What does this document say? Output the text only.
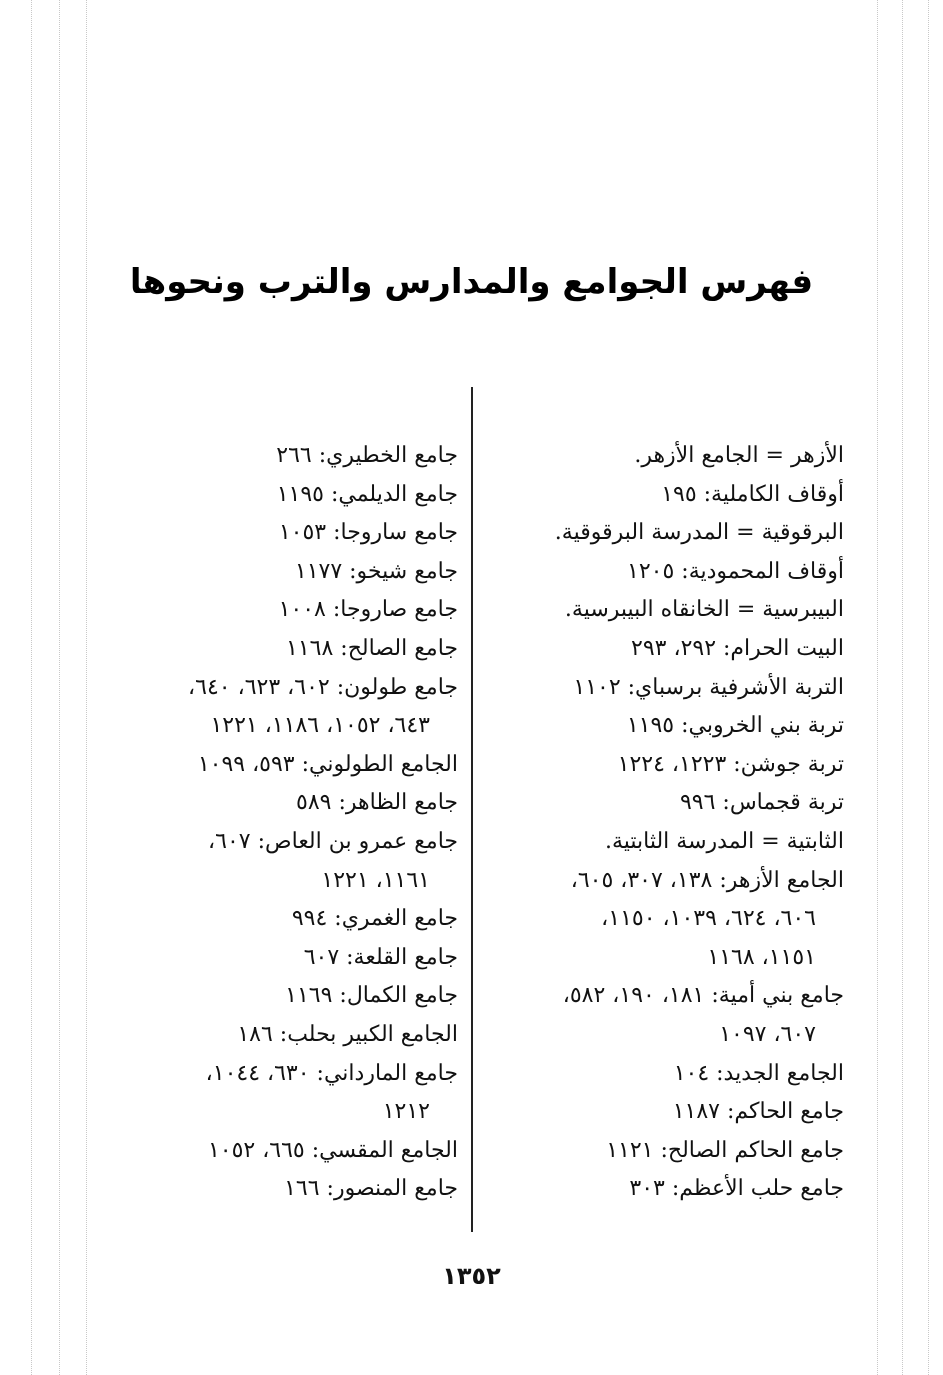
فهرس الجوامع والمدارس والترب ونحوها
الأزهر = الجامع الأزهر.
أوقاف الكاملية: ١٩٥
البرقوقية = المدرسة البرقوقية.
أوقاف المحمودية: ١٢٠٥
البيبرسية = الخانقاه البيبرسية.
البيت الحرام: ٢٩٢، ٢٩٣
التربة الأشرفية برسباي: ١١٠٢
تربة بني الخروبي: ١١٩٥
تربة جوشن: ١٢٢٣، ١٢٢٤
تربة قجماس: ٩٩٦
الثابتية = المدرسة الثابتية.
الجامع الأزهر: ١٣٨، ٣٠٧، ٦٠٥،
٦٠٦، ٦٢٤، ١٠٣٩، ١١٥٠،
١١٥١، ١١٦٨
جامع بني أمية: ١٨١، ١٩٠، ٥٨٢،
٦٠٧، ١٠٩٧
الجامع الجديد: ١٠٤
جامع الحاكم: ١١٨٧
جامع الحاكم الصالح: ١١٢١
جامع حلب الأعظم: ٣٠٣
جامع الخطيري: ٢٦٦
جامع الديلمي: ١١٩٥
جامع ساروجا: ١٠٥٣
جامع شيخو: ١١٧٧
جامع صاروجا: ١٠٠٨
جامع الصالح: ١١٦٨
جامع طولون: ٦٠٢، ٦٢٣، ٦٤٠،
٦٤٣، ١٠٥٢، ١١٨٦، ١٢٢١
الجامع الطولوني: ٥٩٣، ١٠٩٩
جامع الظاهر: ٥٨٩
جامع عمرو بن العاص: ٦٠٧،
١١٦١، ١٢٢١
جامع الغمري: ٩٩٤
جامع القلعة: ٦٠٧
جامع الكمال: ١١٦٩
الجامع الكبير بحلب: ١٨٦
جامع المارداني: ٦٣٠، ١٠٤٤،
١٢١٢
الجامع المقسي: ٦٦٥، ١٠٥٢
جامع المنصور: ١٦٦
١٣٥٢
